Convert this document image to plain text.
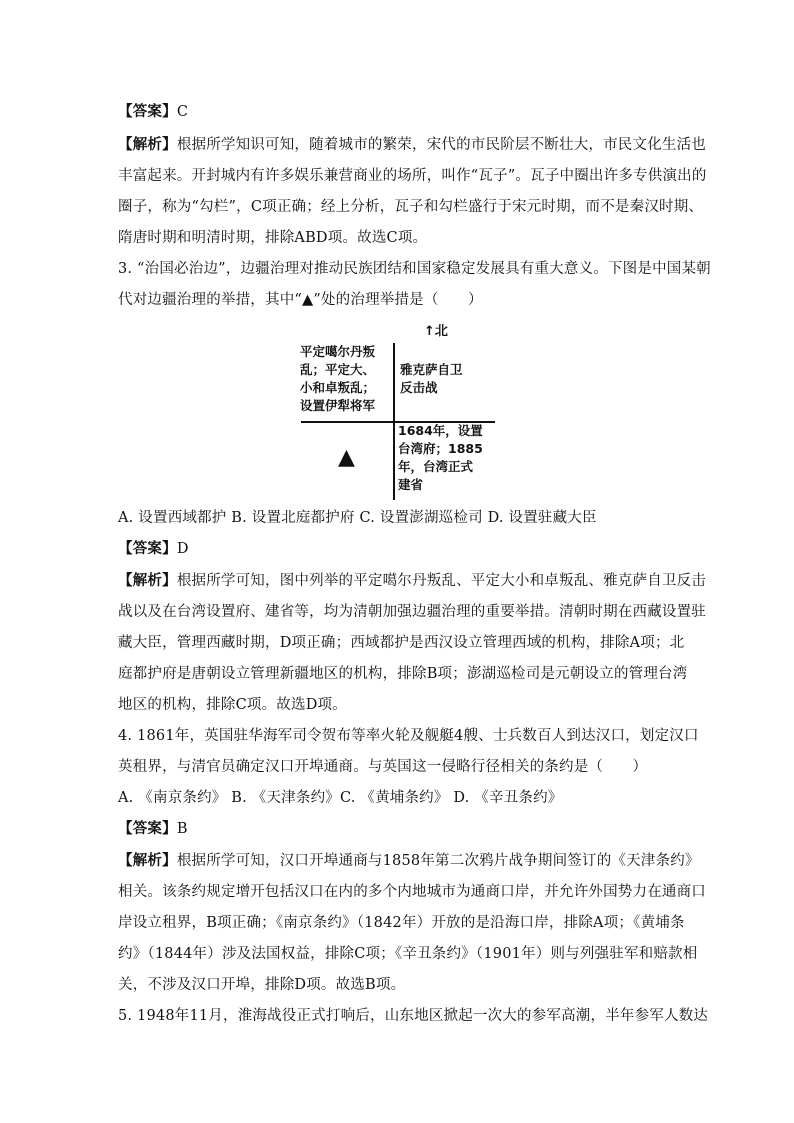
【答案】C
【解析】根据所学知识可知，随着城市的繁荣，宋代的市民阶层不断壮大，市民文化生活也
丰富起来。开封城内有许多娱乐兼营商业的场所，叫作“瓦子”。瓦子中圈出许多专供演出的
圈子，称为“勾栏”，C项正确；经上分析，瓦子和勾栏盛行于宋元时期，而不是秦汉时期、
隋唐时期和明清时期，排除ABD项。故选C项。
3. “治国必治边”，边疆治理对推动民族团结和国家稳定发展具有重大意义。下图是中国某朝
代对边疆治理的举措，其中“▲”处的治理举措是（　　）
↑北
平定噶尔丹叛
乱；平定大、
小和卓叛乱；
设置伊犁将军
雅克萨自卫
反击战
1684年，设置
台湾府；1885
年，台湾正式
建省
▲
A. 设置西域都护 B. 设置北庭都护府 C. 设置澎湖巡检司 D. 设置驻藏大臣
【答案】D
【解析】根据所学可知，图中列举的平定噶尔丹叛乱、平定大小和卓叛乱、雅克萨自卫反击
战以及在台湾设置府、建省等，均为清朝加强边疆治理的重要举措。清朝时期在西藏设置驻
藏大臣，管理西藏时期，D项正确；西域都护是西汉设立管理西域的机构，排除A项；北
庭都护府是唐朝设立管理新疆地区的机构，排除B项；澎湖巡检司是元朝设立的管理台湾
地区的机构，排除C项。故选D项。
4. 1861年，英国驻华海军司令贺布等率火轮及舰艇4艘、士兵数百人到达汉口，划定汉口
英租界，与清官员确定汉口开埠通商。与英国这一侵略行径相关的条约是（　　）
A. 《南京条约》 B. 《天津条约》C. 《黄埔条约》 D. 《辛丑条约》
【答案】B
【解析】根据所学可知，汉口开埠通商与1858年第二次鸦片战争期间签订的《天津条约》
相关。该条约规定增开包括汉口在内的多个内地城市为通商口岸，并允许外国势力在通商口
岸设立租界，B项正确；《南京条约》（1842年）开放的是沿海口岸，排除A项；《黄埔条
约》（1844年）涉及法国权益，排除C项；《辛丑条约》（1901年）则与列强驻军和赔款相
关，不涉及汉口开埠，排除D项。故选B项。
5. 1948年11月，淮海战役正式打响后，山东地区掀起一次大的参军高潮，半年参军人数达
